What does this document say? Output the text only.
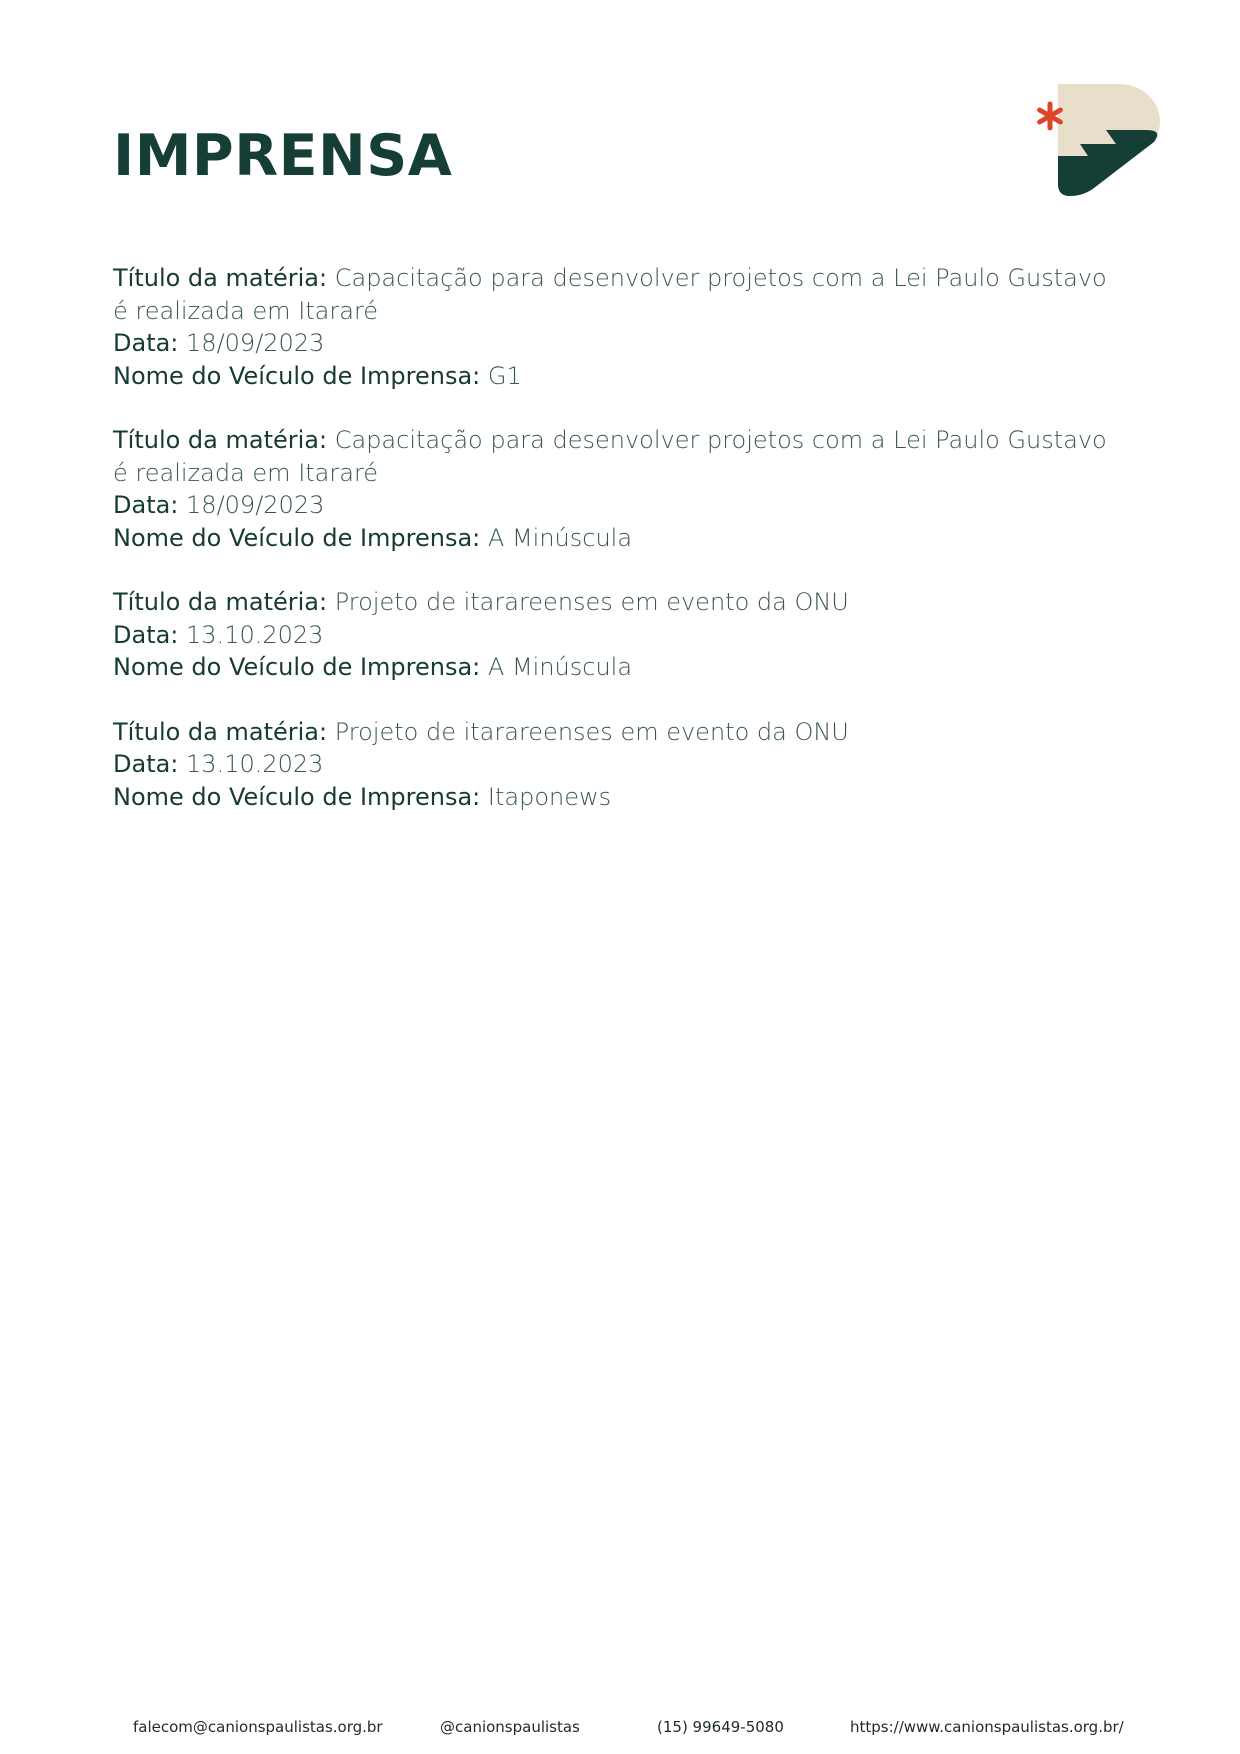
IMPRENSA
Título da matéria: Capacitação para desenvolver projetos com a Lei Paulo Gustavo é realizada em Itararé
Data: 18/09/2023
Nome do Veículo de Imprensa: G1
Título da matéria: Capacitação para desenvolver projetos com a Lei Paulo Gustavo é realizada em Itararé
Data: 18/09/2023
Nome do Veículo de Imprensa: A Minúscula
Título da matéria: Projeto de itarareenses em evento da ONU
Data: 13.10.2023
Nome do Veículo de Imprensa: A Minúscula
Título da matéria: Projeto de itarareenses em evento da ONU
Data: 13.10.2023
Nome do Veículo de Imprensa: Itaponews
falecom@canionspaulistas.org.br	@canionspaulistas	(15) 99649-5080	https://www.canionspaulistas.org.br/
